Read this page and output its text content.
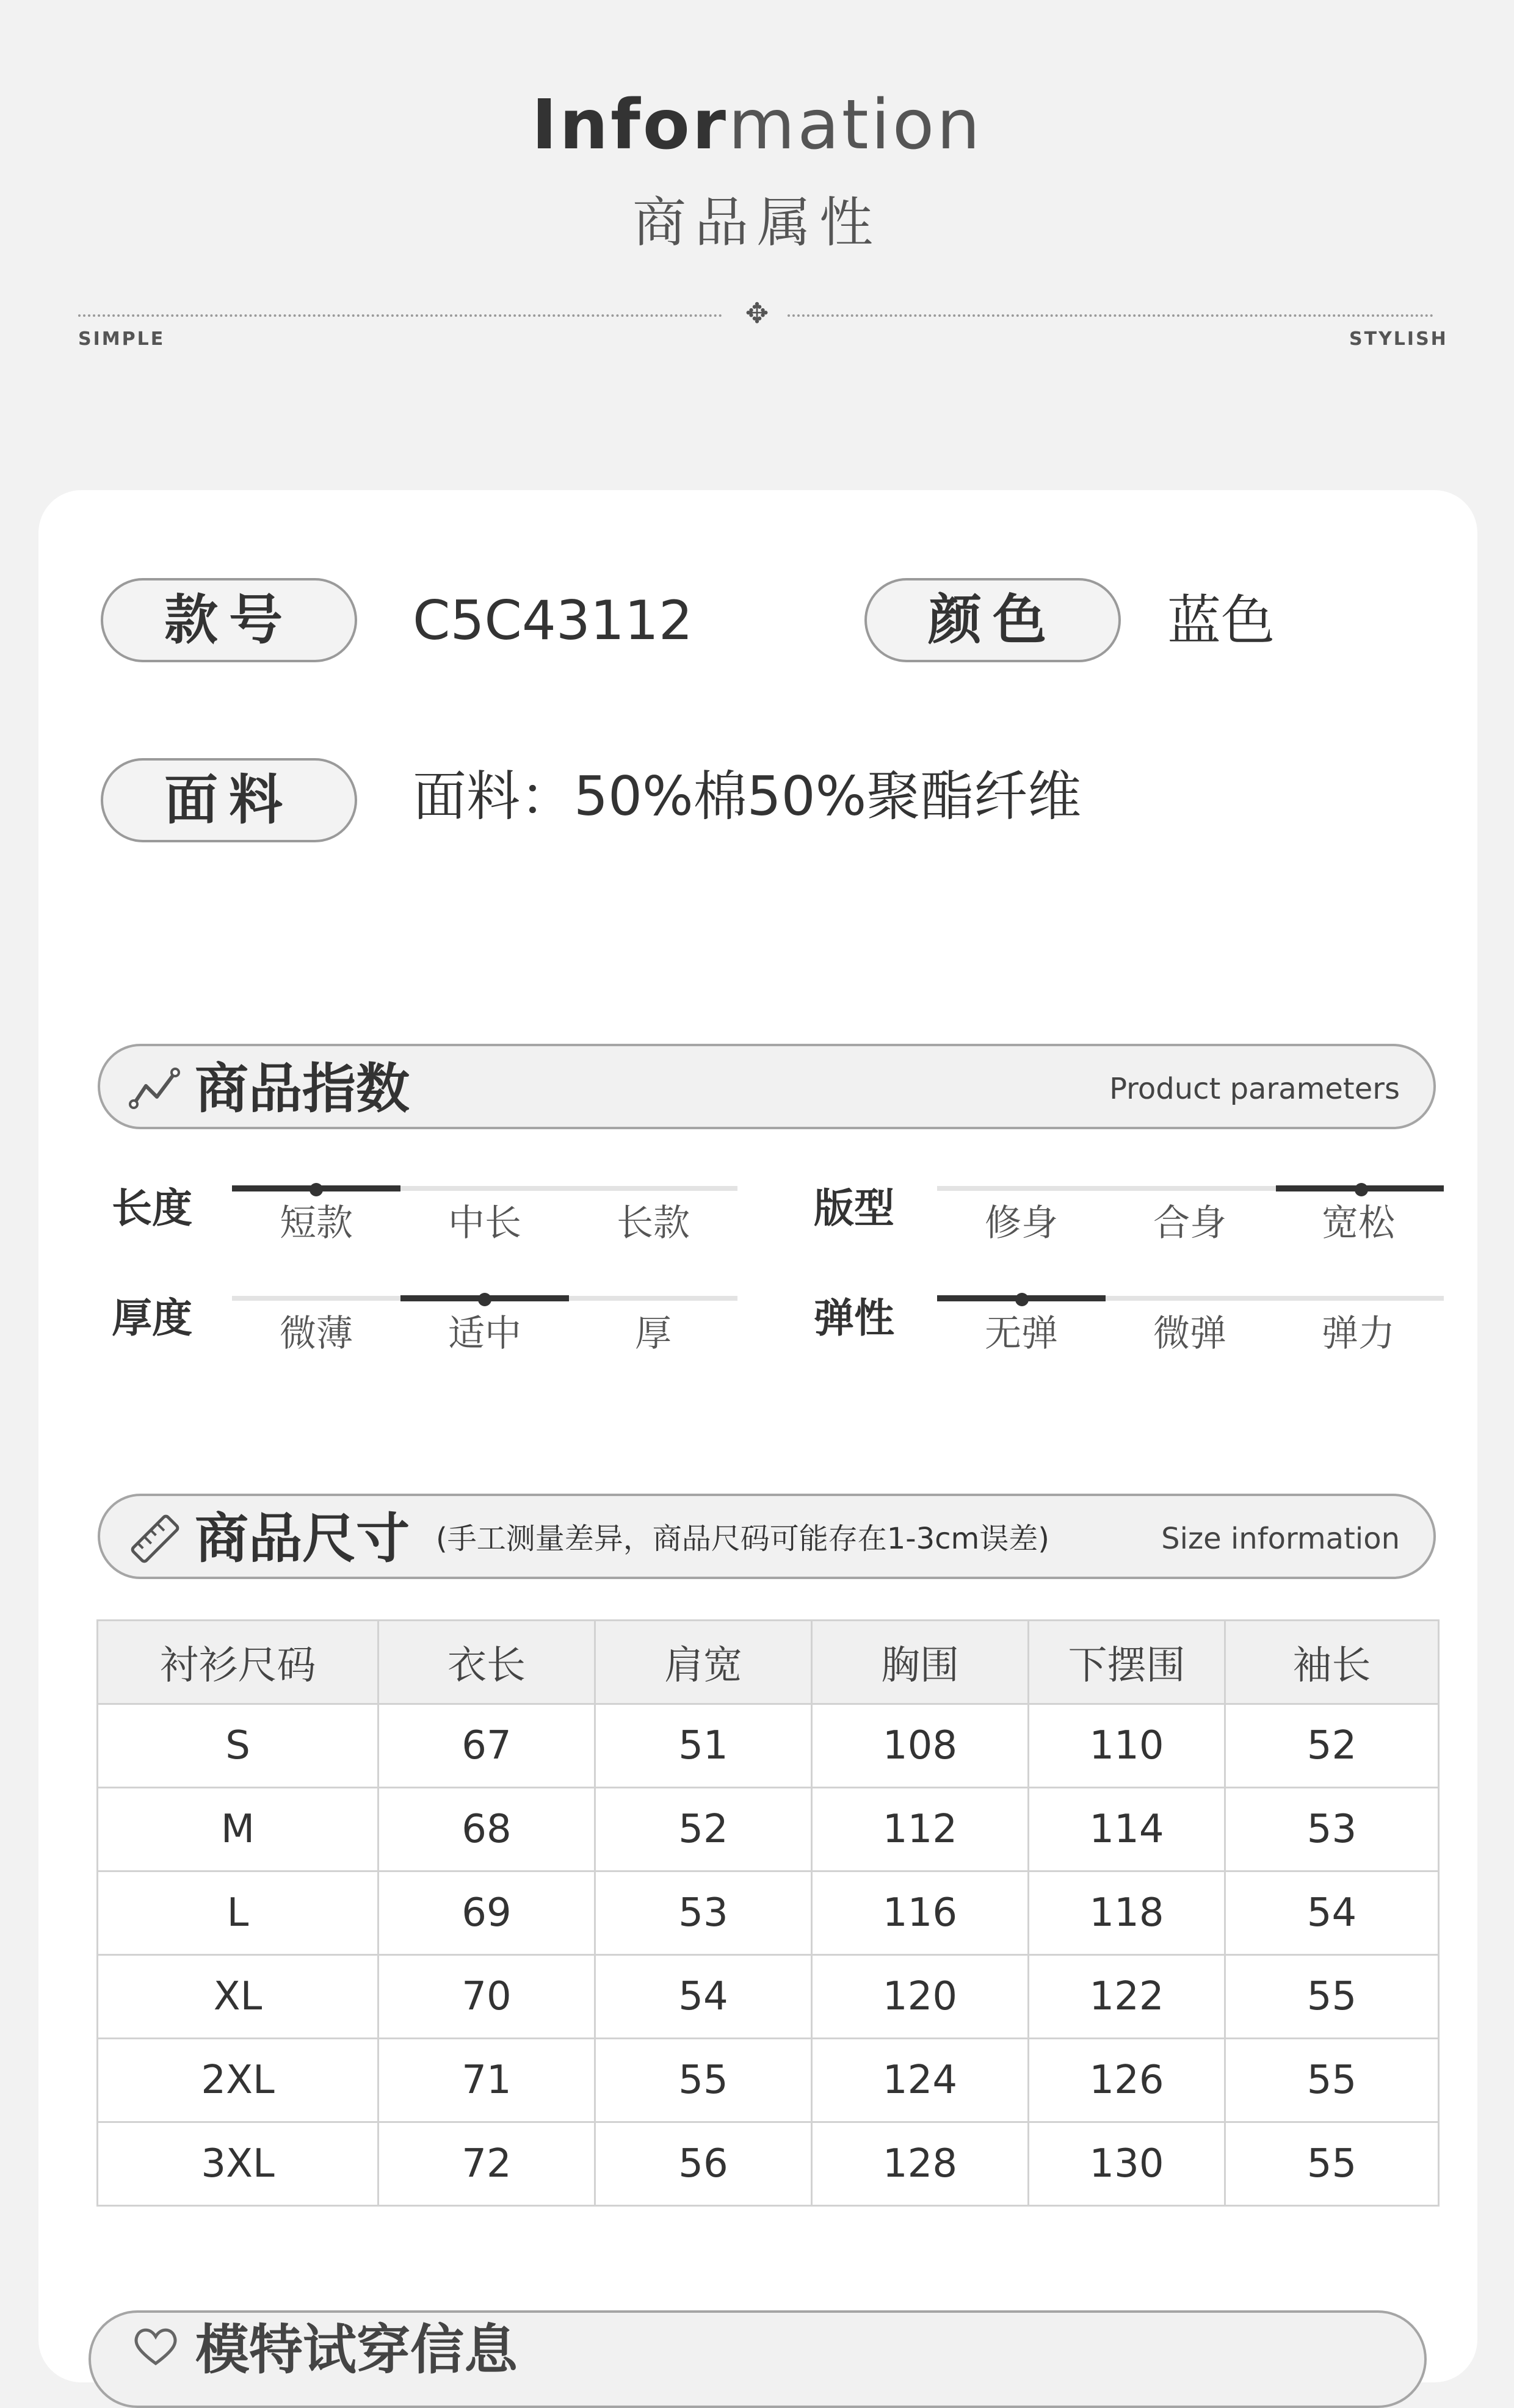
Information
商品属性
✥
SIMPLE	STYLISH
款号	C5C43112	颜色	蓝色
面料	面料：50%棉50%聚酯纤维
商品指数	Product parameters
长度	短款	中长	长款	版型	修身	合身	宽松
厚度	微薄	适中	厚	弹性	无弹	微弹	弹力
商品尺寸 (手工测量差异，商品尺码可能存在1-3cm误差)	Size information
衬衫尺码	衣长	肩宽	胸围	下摆围	袖长
S	67	51	108	110	52
M	68	52	112	114	53
L	69	53	116	118	54
XL	70	54	120	122	55
2XL	71	55	124	126	55
3XL	72	56	128	130	55
模特试穿信息
